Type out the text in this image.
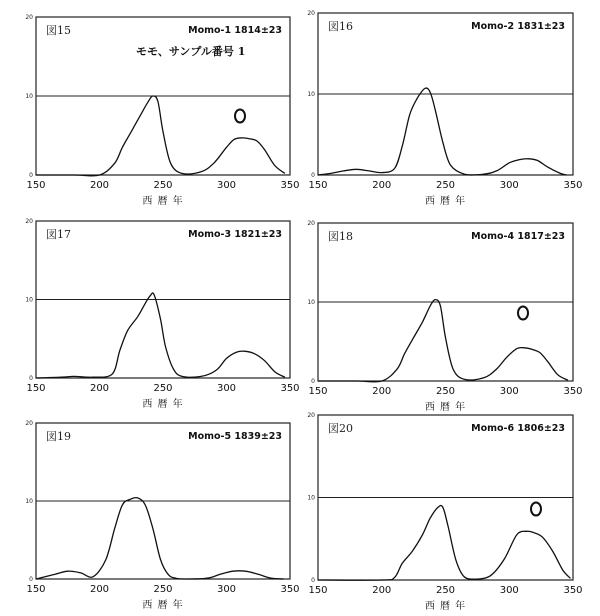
0
10
20
150	200	250	300	350
西 暦 年
図15	Momo-1 1814±23
モモ、サンプル番号 1
0
10
20
150	200	250	300	350
西 暦 年
図16	Momo-2 1831±23
0
10
20
150	200	250	300	350
西 暦 年
図17	Momo-3 1821±23
0
10
20
150	200	250	300	350
西 暦 年
図18	Momo-4 1817±23
0
10
20
150	200	250	300	350
西 暦 年
図19	Momo-5 1839±23
0
10
20
150	200	250	300	350
西 暦 年
図20	Momo-6 1806±23
